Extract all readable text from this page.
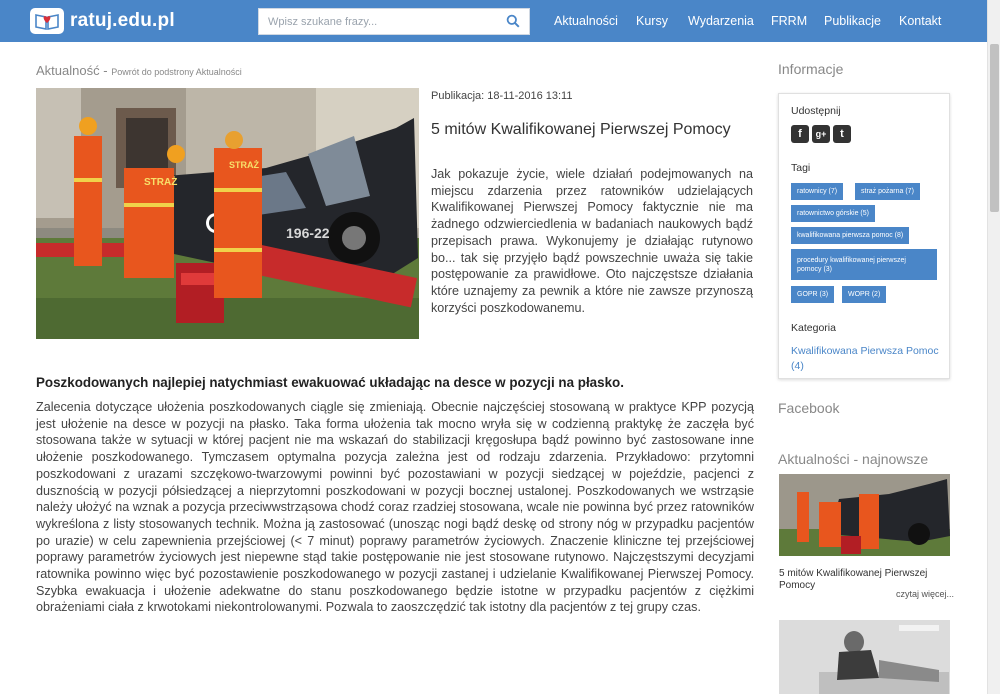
ratuj.edu.pl
Wpisz szukane frazy...	Aktualności Kursy Wydarzenia FRRM Publikacje Kontakt
Aktualność - Powrót do podstrony Aktualności
196-22
STRAŻ
STRAŻ
Publikacja: 18-11-2016 13:11
5 mitów Kwalifikowanej Pierwszej Pomocy

Jak pokazuje życie, wiele działań podejmowanych na miejscu zdarzenia przez ratowników udzielających Kwalifikowanej Pierwszej Pomocy faktycznie nie ma żadnego odzwierciedlenia w badaniach naukowych bądź przepisach prawa. Wykonujemy je działając rutynowo bo... tak się przyjęło bądź powszechnie uważa się takie postępowanie za prawidłowe. Oto najczęstsze działania które uznajemy za pewnik a które nie zawsze przynoszą korzyści poszkodowanemu.

Poszkodowanych najlepiej natychmiast ewakuować układając na desce w pozycji na płasko.

Zalecenia dotyczące ułożenia poszkodowanych ciągle się zmieniają. Obecnie najczęściej stosowaną w praktyce KPP pozycją jest ułożenie na desce w pozycji na płasko. Taka forma ułożenia tak mocno wryła się w codzienną praktykę że zaczęła być stosowana także w sytuacji w której pacjent nie ma wskazań do stabilizacji kręgosłupa bądź powinno być zastosowane inne ułożenie poszkodowanego. Tymczasem optymalna pozycja zależna jest od rodzaju zdarzenia. Przykładowo: przytomni poszkodowani z urazami szczękowo-twarzowymi powinni być pozostawiani w pozycji siedzącej w pojeździe, pacjenci z dusznością w pozycji półsiedzącej a nieprzytomni poszkodowani w pozycji bocznej ustalonej. Poszkodowanych we wstrząsie należy ułożyć na wznak a pozycja przeciwwstrząsowa chodź coraz rzadziej stosowana, wcale nie powinna być przez ratowników wykreślona z listy stosowanych technik. Można ją zastosować (unosząc nogi bądź deskę od strony nóg w przypadku pacjentów po urazie) w celu zapewnienia przejściowej (< 7 minut) poprawy parametrów życiowych. Znaczenie kliniczne tej przejściowej poprawy parametrów życiowych jest niepewne stąd takie postępowanie nie jest stosowane rutynowo. Najczęstszymi decyzjami ratownika powinno więc być pozostawienie poszkodowanego w pozycji zastanej i udzielanie Kwalifikowanej Pierwszej Pomocy. Szybka ewakuacja i ułożenie adekwatne do stanu poszkodowanego będzie istotne w przypadku pacjentów z ciężkimi obrażeniami ciała z krwotokami niekontrolowanymi. Pozwala to zaoszczędzić tak istotny dla pacjentów z tej grupy czas.

Informacje
Udostępnij
f	g+	t
Tagi
ratownicy (7)	straż pożarna (7)
ratownictwo górskie (5)
kwalifikowana pierwsza pomoc (8)
procedury kwalifikowanej pierwszej pomocy (3)
GOPR (3)	WOPR (2)
Kategoria
Kwalifikowana Pierwsza Pomoc (4)
Facebook
Aktualności - najnowsze
5 mitów Kwalifikowanej Pierwszej Pomocy
czytaj więcej...
